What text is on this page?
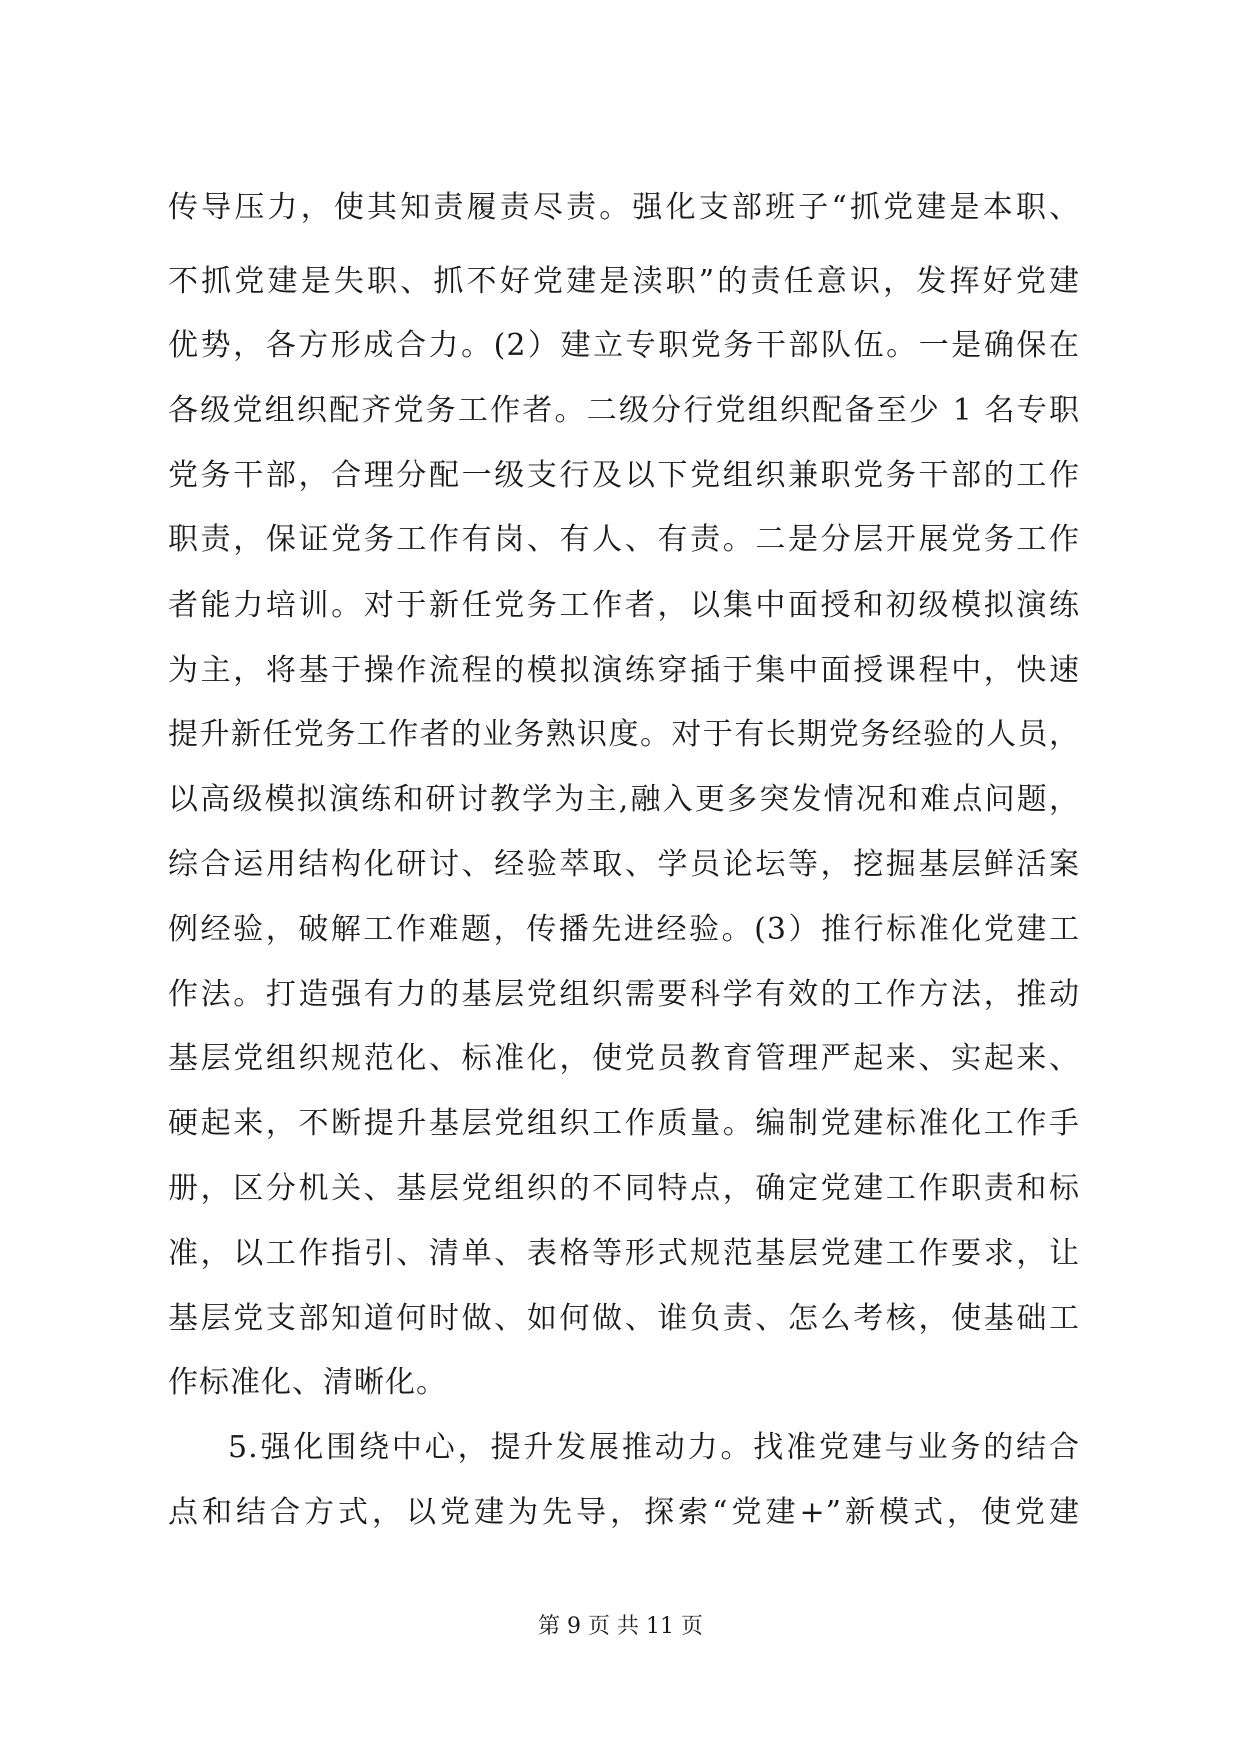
传导压力，使其知责履责尽责。强化支部班子“抓党建是本职、
不抓党建是失职、抓不好党建是渎职”的责任意识，发挥好党建
优势，各方形成合力。(2）建立专职党务干部队伍。一是确保在
各级党组织配齐党务工作者。二级分行党组织配备至少 1 名专职
党务干部，合理分配一级支行及以下党组织兼职党务干部的工作
职责，保证党务工作有岗、有人、有责。二是分层开展党务工作
者能力培训。对于新任党务工作者，以集中面授和初级模拟演练
为主，将基于操作流程的模拟演练穿插于集中面授课程中，快速
提升新任党务工作者的业务熟识度。对于有长期党务经验的人员，
以高级模拟演练和研讨教学为主,融入更多突发情况和难点问题，
综合运用结构化研讨、经验萃取、学员论坛等，挖掘基层鲜活案
例经验，破解工作难题，传播先进经验。(3）推行标准化党建工
作法。打造强有力的基层党组织需要科学有效的工作方法，推动
基层党组织规范化、标准化，使党员教育管理严起来、实起来、
硬起来，不断提升基层党组织工作质量。编制党建标准化工作手
册，区分机关、基层党组织的不同特点，确定党建工作职责和标
准，以工作指引、清单、表格等形式规范基层党建工作要求，让
基层党支部知道何时做、如何做、谁负责、怎么考核，使基础工
作标准化、清晰化。
5.强化围绕中心，提升发展推动力。找准党建与业务的结合
点和结合方式，以党建为先导，探索“党建+”新模式，使党建
第 9 页 共 11 页
